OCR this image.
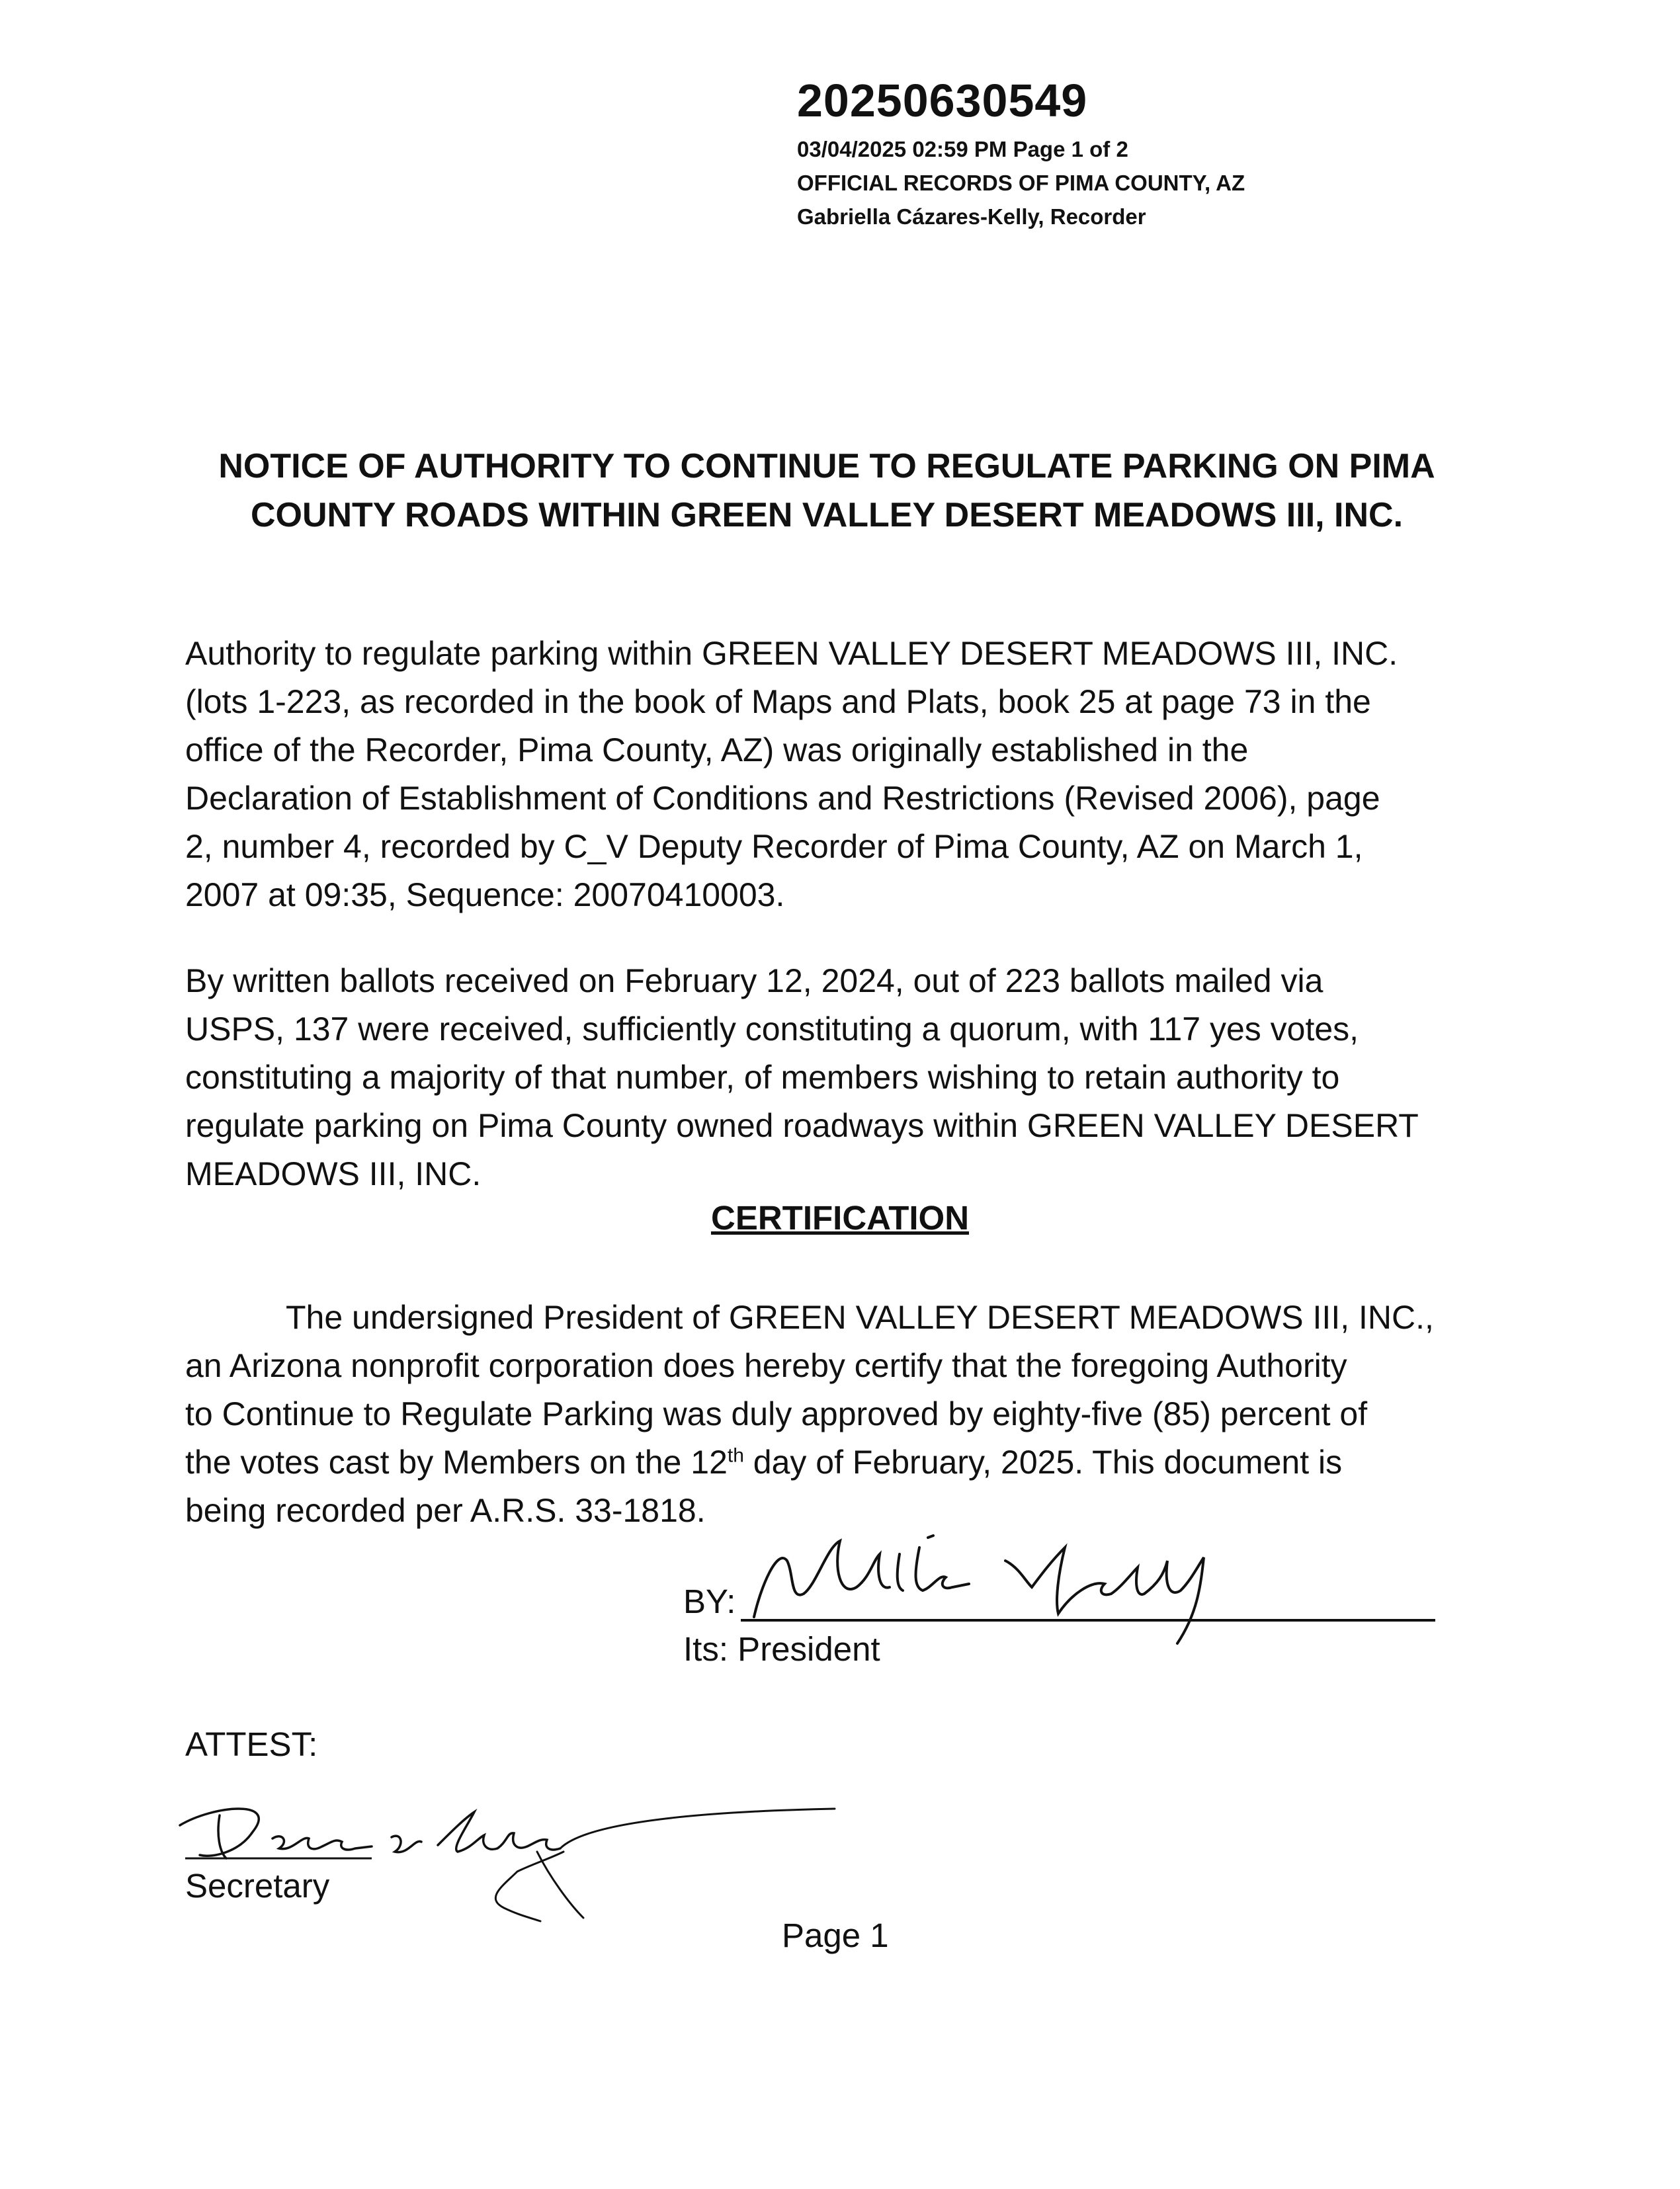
20250630549
03/04/2025 02:59 PM Page 1 of 2
OFFICIAL RECORDS OF PIMA COUNTY, AZ
Gabriella Cázares-Kelly, Recorder
NOTICE OF AUTHORITY TO CONTINUE TO REGULATE PARKING ON PIMA
COUNTY ROADS WITHIN GREEN VALLEY DESERT MEADOWS III, INC.
Authority to regulate parking within GREEN VALLEY DESERT MEADOWS III, INC.
(lots 1-223, as recorded in the book of Maps and Plats, book 25 at page 73 in the
office of the Recorder, Pima County, AZ) was originally established in the
Declaration of Establishment of Conditions and Restrictions (Revised 2006), page
2, number 4, recorded by C_V Deputy Recorder of Pima County, AZ on March 1,
2007 at 09:35, Sequence: 20070410003.
By written ballots received on February 12, 2024, out of 223 ballots mailed via
USPS, 137 were received, sufficiently constituting a quorum, with 117 yes votes,
constituting a majority of that number, of members wishing to retain authority to
regulate parking on Pima County owned roadways within GREEN VALLEY DESERT
MEADOWS III, INC.
CERTIFICATION
The undersigned President of GREEN VALLEY DESERT MEADOWS III, INC.,
an Arizona nonprofit corporation does hereby certify that the foregoing Authority
to Continue to Regulate Parking was duly approved by eighty-five (85) percent of
the votes cast by Members on the 12th day of February, 2025. This document is
being recorded per A.R.S. 33-1818.
BY:
Its: President
ATTEST:
Secretary
Page 1
